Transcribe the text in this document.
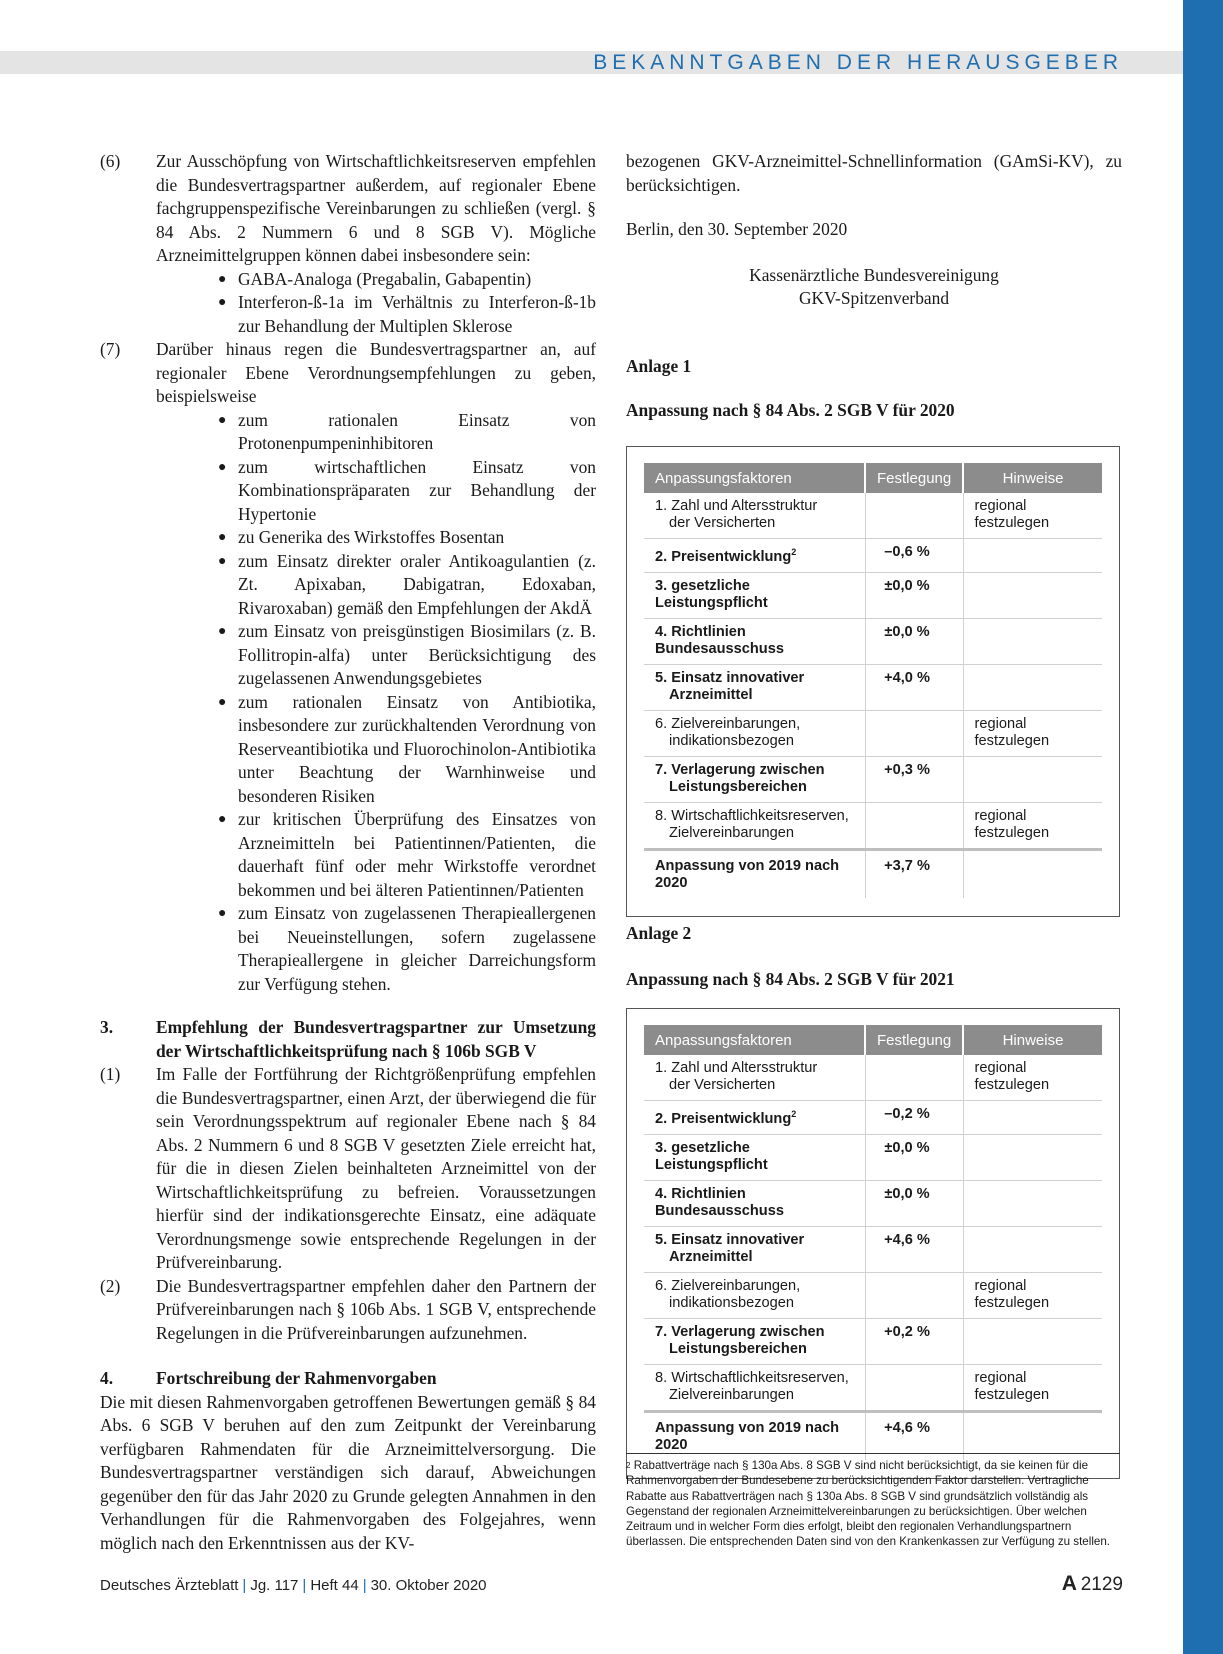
BEKANNTGABEN DER HERAUSGEBER
(6)	Zur Ausschöpfung von Wirtschaftlichkeitsreserven empfehlen die Bundesvertragspartner außerdem, auf regionaler Ebene fachgruppenspezifische Vereinbarungen zu schließen (vergl. § 84 Abs. 2 Nummern 6 und 8 SGB V). Mögliche Arzneimittelgruppen können dabei insbesondere sein:
● GABA-Analoga (Pregabalin, Gabapentin)
● Interferon-ß-1a im Verhältnis zu Interferon-ß-1b zur Behandlung der Multiplen Sklerose
(7)	Darüber hinaus regen die Bundesvertragspartner an, auf regionaler Ebene Verordnungsempfehlungen zu geben, beispielsweise
● zum rationalen Einsatz von Protonenpumpeninhibitoren
● zum wirtschaftlichen Einsatz von Kombinationspräparaten zur Behandlung der Hypertonie
● zu Generika des Wirkstoffes Bosentan
● zum Einsatz direkter oraler Antikoagulantien (z. Zt. Apixaban, Dabigatran, Edoxaban, Rivaroxaban) gemäß den Empfehlungen der AkdÄ
● zum Einsatz von preisgünstigen Biosimilars (z. B. Follitropin-alfa) unter Berücksichtigung des zugelassenen Anwendungsgebietes
● zum rationalen Einsatz von Antibiotika, insbesondere zur zurückhaltenden Verordnung von Reserveantibiotika und Fluorochinolon-Antibiotika unter Beachtung der Warnhinweise und besonderen Risiken
● zur kritischen Überprüfung des Einsatzes von Arzneimitteln bei Patientinnen/Patienten, die dauerhaft fünf oder mehr Wirkstoffe verordnet bekommen und bei älteren Patientinnen/Patienten
● zum Einsatz von zugelassenen Therapieallergenen bei Neueinstellungen, sofern zugelassene Therapieallergene in gleicher Darreichungsform zur Verfügung stehen.
3.	Empfehlung der Bundesvertragspartner zur Umsetzung der Wirtschaftlichkeitsprüfung nach § 106b SGB V
(1)	Im Falle der Fortführung der Richtgrößenprüfung empfehlen die Bundesvertragspartner, einen Arzt, der überwiegend die für sein Verordnungsspektrum auf regionaler Ebene nach § 84 Abs. 2 Nummern 6 und 8 SGB V gesetzten Ziele erreicht hat, für die in diesen Zielen beinhalteten Arzneimittel von der Wirtschaftlichkeitsprüfung zu befreien. Voraussetzungen hierfür sind der indikationsgerechte Einsatz, eine adäquate Verordnungsmenge sowie entsprechende Regelungen in der Prüfvereinbarung.
(2)	Die Bundesvertragspartner empfehlen daher den Partnern der Prüfvereinbarungen nach § 106b Abs. 1 SGB V, entsprechende Regelungen in die Prüfvereinbarungen aufzunehmen.
4.	Fortschreibung der Rahmenvorgaben
Die mit diesen Rahmenvorgaben getroffenen Bewertungen gemäß § 84 Abs. 6 SGB V beruhen auf den zum Zeitpunkt der Vereinbarung verfügbaren Rahmendaten für die Arzneimittelversorgung. Die Bundesvertragspartner verständigen sich darauf, Abweichungen gegenüber den für das Jahr 2020 zu Grunde gelegten Annahmen in den Verhandlungen für die Rahmenvorgaben des Folgejahres, wenn möglich nach den Erkenntnissen aus der KV-
bezogenen GKV-Arzneimittel-Schnellinformation (GAmSi-KV), zu berücksichtigen.
Berlin, den 30. September 2020
Kassenärztliche Bundesvereinigung
GKV-Spitzenverband
Anlage 1
Anpassung nach § 84 Abs. 2 SGB V für 2020
Anlage 2
Anpassung nach § 84 Abs. 2 SGB V für 2021
Anpassungsfaktoren	Festlegung	Hinweise

1. Zahl und Altersstruktur
der Versicherten		regional festzulegen

2. Preisentwicklung$^2$	–0,6 %	

3. gesetzliche Leistungspflicht	±0,0 %	

4. Richtlinien Bundesausschuss	±0,0 %	

5. Einsatz innovativer
Arzneimittel	+4,0 %	

6. Zielvereinbarungen,
indikationsbezogen		regional festzulegen

7. Verlagerung zwischen
Leistungsbereichen	+0,3 %	

8. Wirtschaftlichkeitsreserven,
Zielvereinbarungen		regional festzulegen
Anpassung von 2019 nach 2020	+3,7 %	
Anpassungsfaktoren	Festlegung	Hinweise

1. Zahl und Altersstruktur
der Versicherten		regional festzulegen

2. Preisentwicklung$^2$	–0,2 %	

3. gesetzliche Leistungspflicht	±0,0 %	

4. Richtlinien Bundesausschuss	±0,0 %	

5. Einsatz innovativer
Arzneimittel	+4,6 %	

6. Zielvereinbarungen,
indikationsbezogen		regional festzulegen

7. Verlagerung zwischen
Leistungsbereichen	+0,2 %	

8. Wirtschaftlichkeitsreserven,
Zielvereinbarungen		regional festzulegen
Anpassung von 2019 nach 2020	+4,6 %	
$^2$ Rabattverträge nach § 130a Abs. 8 SGB V sind nicht berücksichtigt, da sie keinen für die Rahmenvorgaben der Bundesebene zu berücksichtigenden Faktor darstellen. Vertragliche Rabatte aus Rabattverträgen nach § 130a Abs. 8 SGB V sind grundsätzlich vollständig als Gegenstand der regionalen Arzneimittelvereinbarungen zu berücksichtigen. Über welchen Zeitraum und in welcher Form dies erfolgt, bleibt den regionalen Verhandlungspartnern überlassen. Die entsprechenden Daten sind von den Krankenkassen zur Verfügung zu stellen.
Deutsches Ärzteblatt | Jg. 117 | Heft 44 | 30. Oktober 2020	A  2129
